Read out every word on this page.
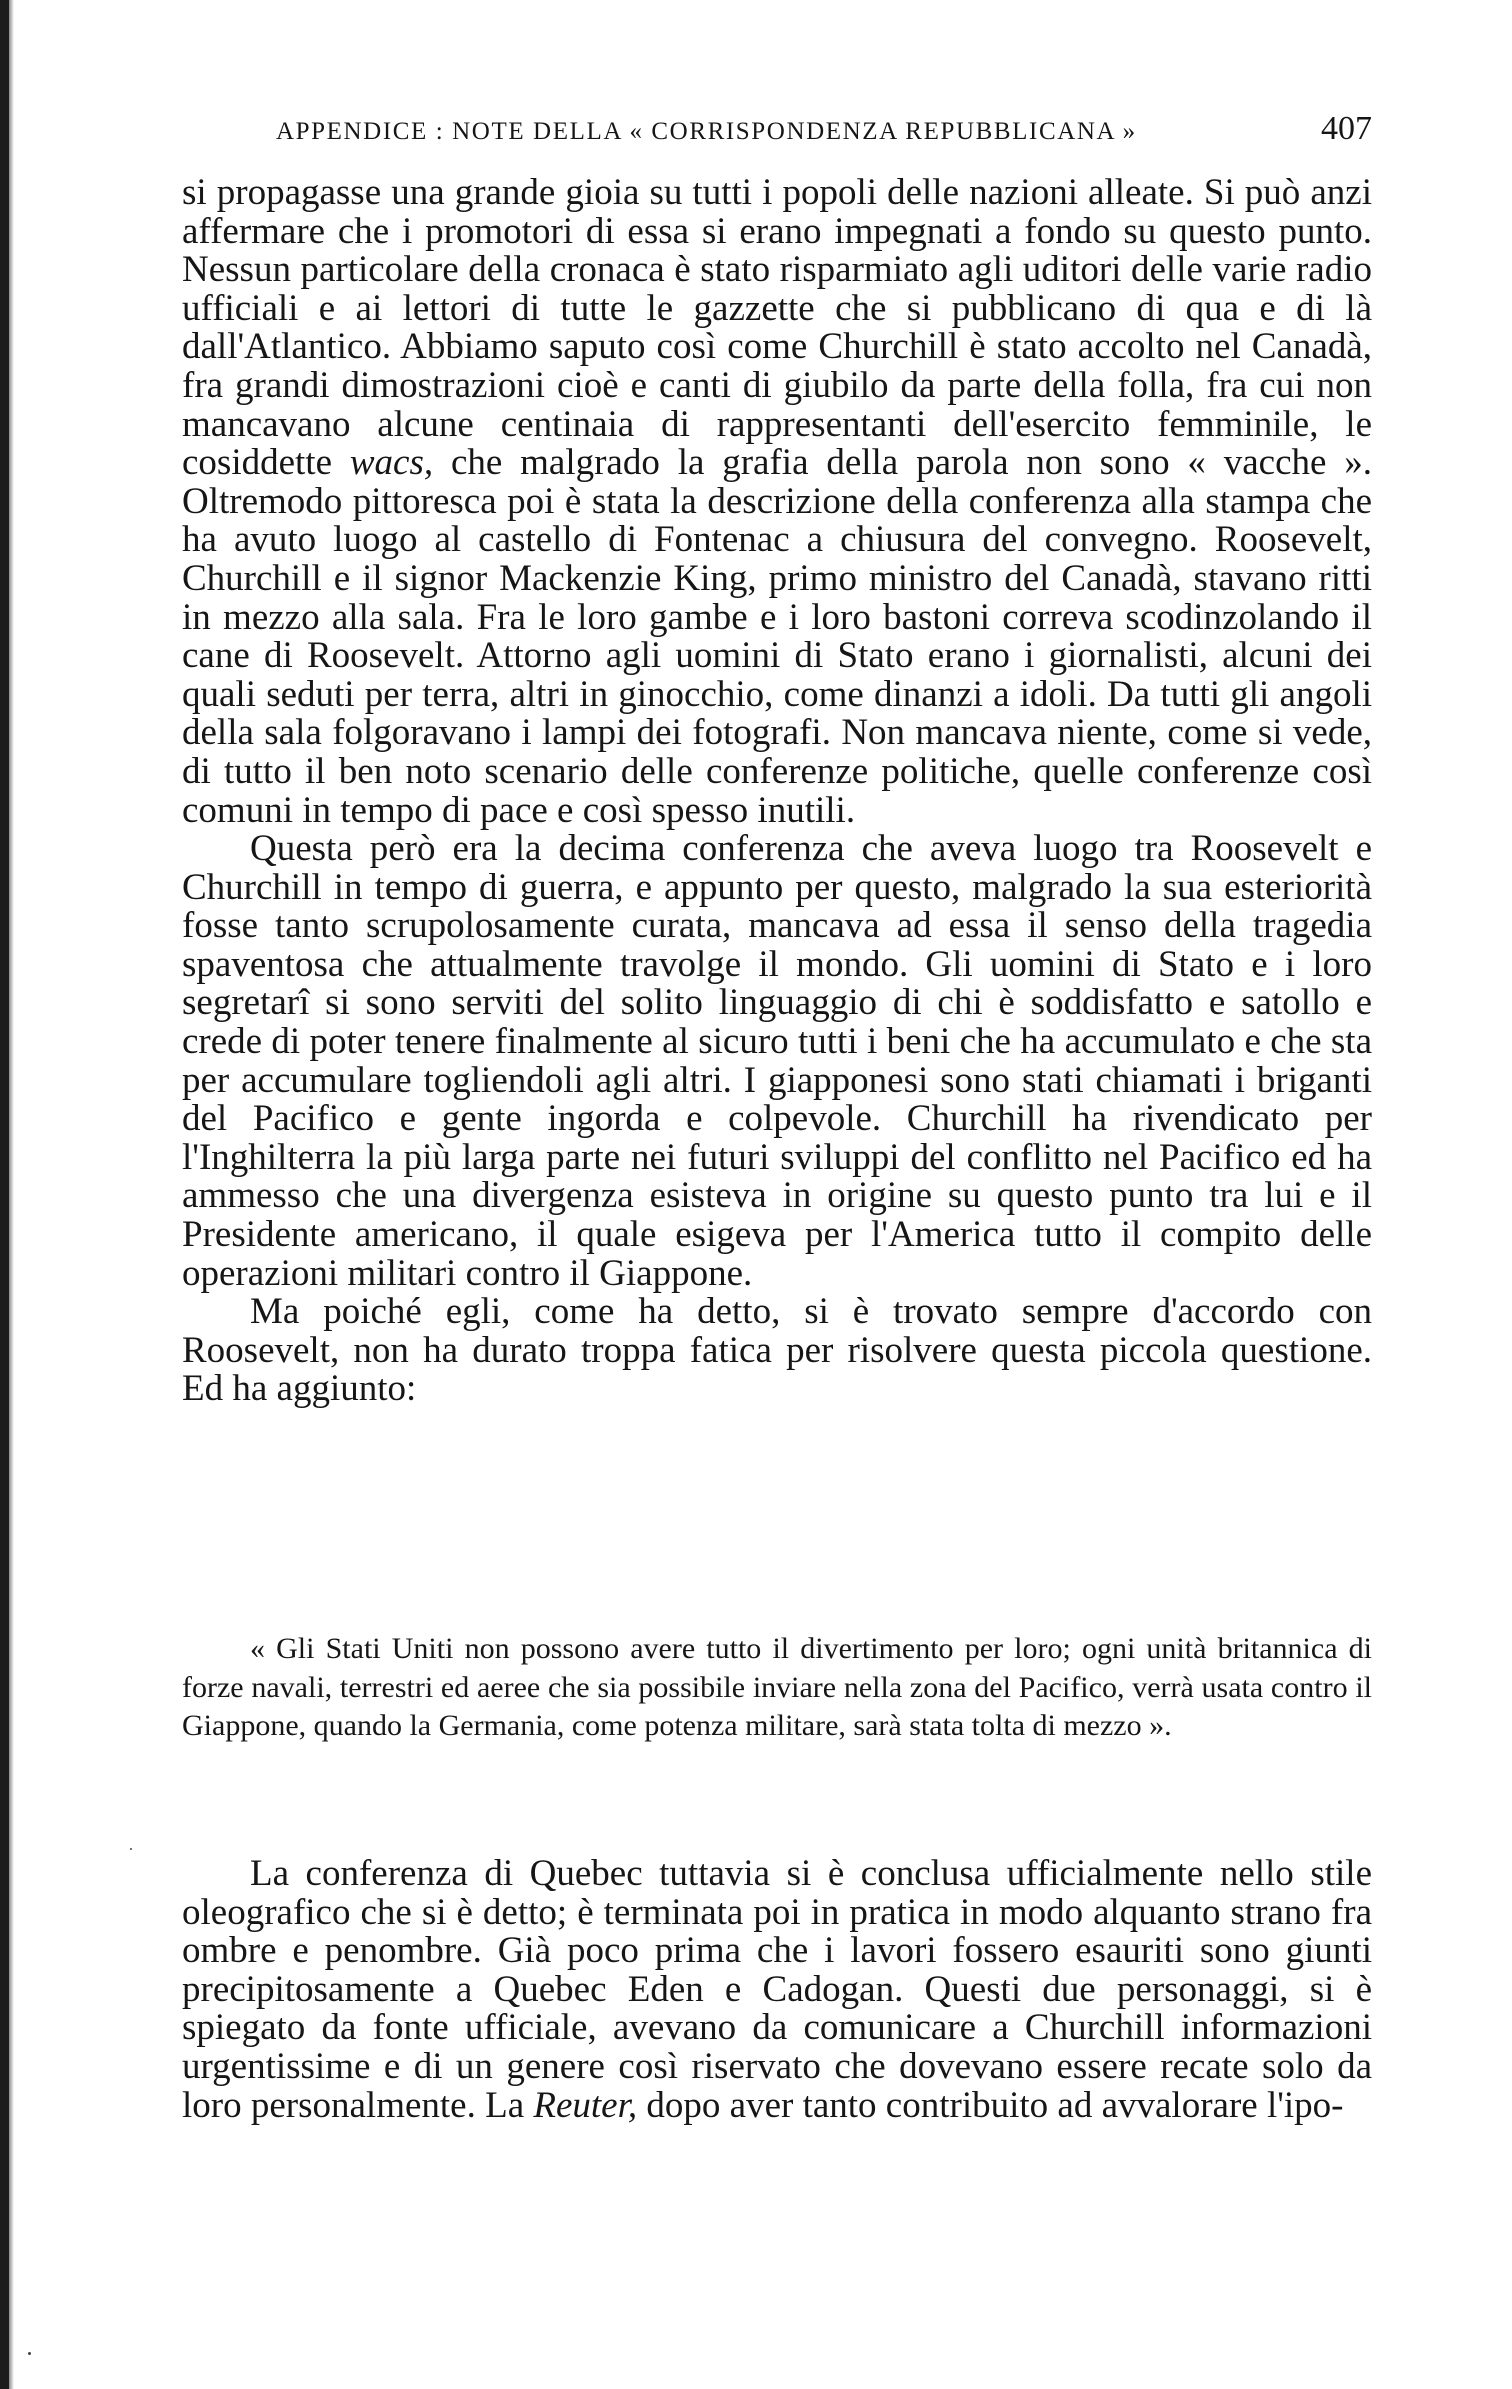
APPENDICE : NOTE DELLA « CORRISPONDENZA REPUBBLICANA »	407

si propagasse una grande gioia su tutti i popoli delle nazioni alleate. Si può anzi affermare che i promotori di essa si erano impegnati a fondo su questo punto. Nessun particolare della cronaca è stato risparmiato agli uditori delle varie radio ufficiali e ai lettori di tutte le gazzette che si pubblicano di qua e di là dall'Atlantico. Abbiamo saputo così come Churchill è stato accolto nel Canadà, fra grandi dimostrazioni cioè e canti di giubilo da parte della folla, fra cui non mancavano alcune centinaia di rappresentanti dell'esercito femminile, le cosiddette wacs, che malgrado la grafia della parola non sono « vacche ». Oltremodo pittoresca poi è stata la descrizione della conferenza alla stampa che ha avuto luogo al castello di Fontenac a chiusura del convegno. Roosevelt, Churchill e il signor Mackenzie King, primo ministro del Canadà, stavano ritti in mezzo alla sala. Fra le loro gambe e i loro bastoni correva scodinzolando il cane di Roosevelt. Attorno agli uomini di Stato erano i giornalisti, alcuni dei quali seduti per terra, altri in ginocchio, come dinanzi a idoli. Da tutti gli angoli della sala folgoravano i lampi dei fotografi. Non mancava niente, come si vede, di tutto il ben noto scenario delle conferenze politiche, quelle conferenze così comuni in tempo di pace e così spesso inutili.

Questa però era la decima conferenza che aveva luogo tra Roosevelt e Churchill in tempo di guerra, e appunto per questo, malgrado la sua esteriorità fosse tanto scrupolosamente curata, mancava ad essa il senso della tragedia spaventosa che attualmente travolge il mondo. Gli uomini di Stato e i loro segretarî si sono serviti del solito linguaggio di chi è soddisfatto e satollo e crede di poter tenere finalmente al sicuro tutti i beni che ha accumulato e che sta per accumulare togliendoli agli altri. I giapponesi sono stati chiamati i briganti del Pacifico e gente ingorda e colpevole. Churchill ha rivendicato per l'Inghilterra la più larga parte nei futuri sviluppi del conflitto nel Pacifico ed ha ammesso che una divergenza esisteva in origine su questo punto tra lui e il Presidente americano, il quale esigeva per l'America tutto il compito delle operazioni militari contro il Giappone.

Ma poiché egli, come ha detto, si è trovato sempre d'accordo con Roosevelt, non ha durato troppa fatica per risolvere questa piccola questione. Ed ha aggiunto:

« Gli Stati Uniti non possono avere tutto il divertimento per loro; ogni unità britannica di forze navali, terrestri ed aeree che sia possibile inviare nella zona del Pacifico, verrà usata contro il Giappone, quando la Germania, come potenza militare, sarà stata tolta di mezzo ».

La conferenza di Quebec tuttavia si è conclusa ufficialmente nello stile oleografico che si è detto; è terminata poi in pratica in modo alquanto strano fra ombre e penombre. Già poco prima che i lavori fossero esauriti sono giunti precipitosamente a Quebec Eden e Cadogan. Questi due personaggi, si è spiegato da fonte ufficiale, avevano da comunicare a Churchill informazioni urgentissime e di un genere così riservato che dovevano essere recate solo da loro personalmente. La Reuter, dopo aver tanto contribuito ad avvalorare l'ipo-
